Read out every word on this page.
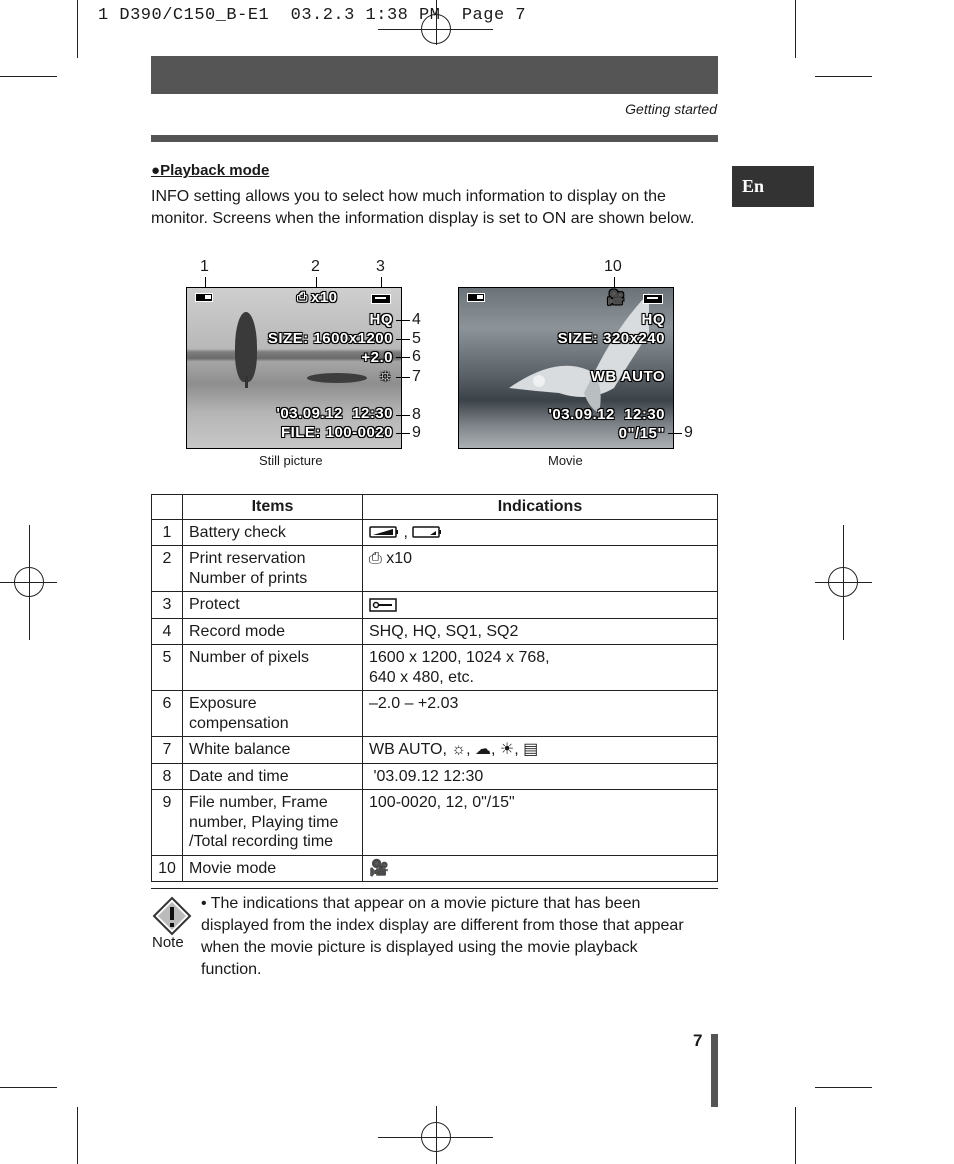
1 D390/C150_B-E1  03.2.3 1:38 PM  Page 7
Getting started
En
●Playback mode
INFO setting allows you to select how much information to display on the monitor. Screens when the information display is set to ON are shown below.
1	2	3
⎙ x10
HQ
SIZE: 1600x1200
+2.0
☼
'03.09.12  12:30
FILE: 100-0020
4
5
6
7
8
9
Still picture
10
🎥
HQ
SIZE: 320x240
WB AUTO
'03.09.12  12:30
0"/15" 9
Movie
	Items	Indications
1	Battery check	,
2	Print reservation
Number of prints	⎙ x10

3	Protect	
4	Record mode	SHQ, HQ, SQ1, SQ2
5	Number of pixels	1600 x 1200, 1024 x 768,
640 x 480, etc.
6	Exposure
compensation	–2.0 – +2.03
7	White balance	WB AUTO, ☼, ☁, ☀, ▤
8	Date and time	'03.09.12 12:30
9	File number, Frame
number, Playing time
/Total recording time	100-0020, 12, 0"/15"
10	Movie mode	🎥
Note
• The indications that appear on a movie picture that has been displayed from the index display are different from those that appear when the movie picture is displayed using the movie playback function.
7
